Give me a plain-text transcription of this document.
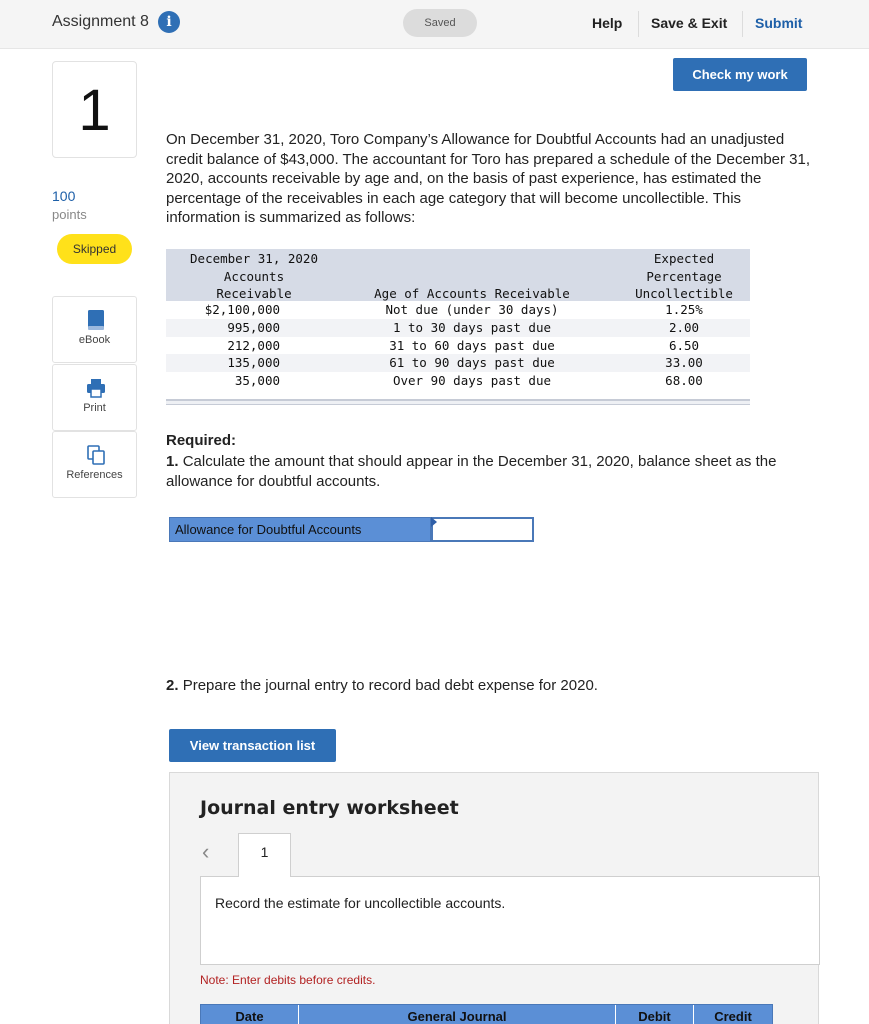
Assignment 8	i	Saved	Help Save & Exit Submit
1
100
points
Skipped
eBook
Print
References
Check my work
On December 31, 2020, Toro Company’s Allowance for Doubtful Accounts had an unadjusted credit balance of $43,000. The accountant for Toro has prepared a schedule of the December 31, 2020, accounts receivable by age and, on the basis of past experience, has estimated the percentage of the receivables in each age category that will become uncollectible. This information is summarized as follows:
December 31, 2020
Accounts
Receivable	Age of Accounts Receivable
Expected
Percentage
Uncollectible
$2,100,000	Not due (under 30 days)	1.25%
995,000	1 to 30 days past due	2.00
212,000	31 to 60 days past due	6.50
135,000	61 to 90 days past due	33.00
35,000	Over 90 days past due	68.00
Required:
1. Calculate the amount that should appear in the December 31, 2020, balance sheet as the allowance for doubtful accounts.
Allowance for Doubtful Accounts
2. Prepare the journal entry to record bad debt expense for 2020.
View transaction list
Journal entry worksheet
‹	1
Record the estimate for uncollectible accounts.
Note: Enter debits before credits.
Date	General Journal	Debit	Credit
